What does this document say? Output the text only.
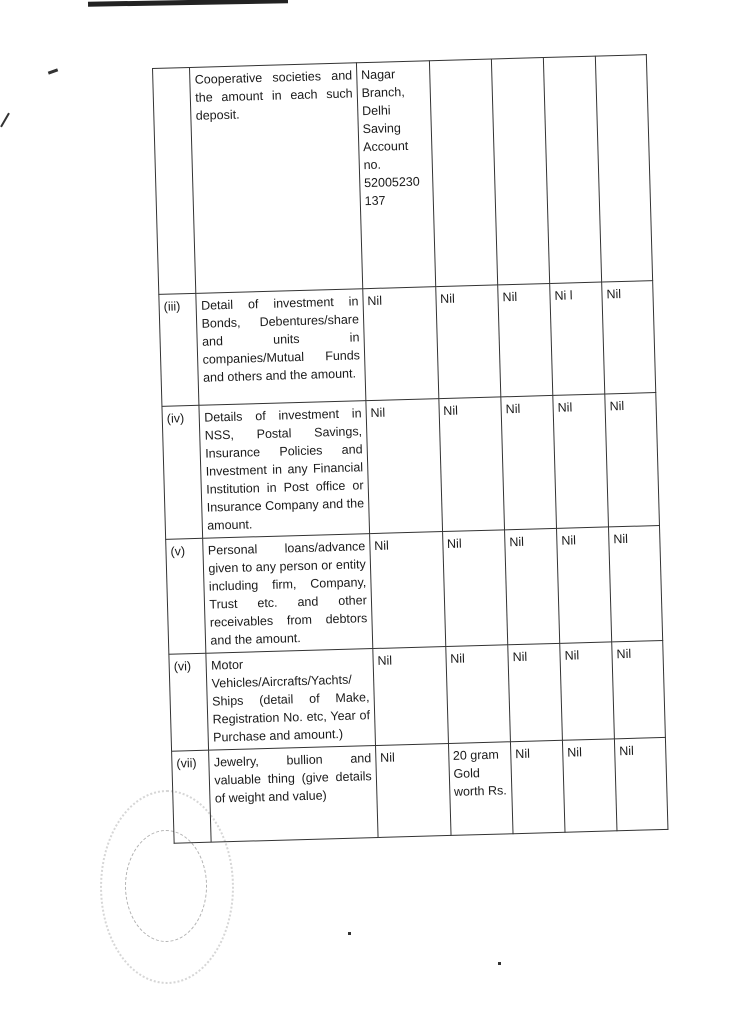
	Cooperative societies and the amount in each such deposit.	Nagar Branch, Delhi Saving Account no. 52005230 137				
(iii)	Detail of investment in Bonds, Debentures/share and units in companies/Mutual Funds and others and the amount.	Nil	Nil	Nil	Ni l	Nil
(iv)	Details of investment in NSS, Postal Savings, Insurance Policies and Investment in any Financial Institution in Post office or Insurance Company and the amount.	Nil	Nil	Nil	Nil	Nil
(v)	Personal loans/advance given to any person or entity including firm, Company, Trust etc. and other receivables from debtors and the amount.	Nil	Nil	Nil	Nil	Nil
(vi)	Motor Vehicles/Aircrafts/Yachts/ Ships (detail of Make, Registration No. etc, Year of Purchase and amount.)	Nil	Nil	Nil	Nil	Nil
(vii)	Jewelry, bullion and valuable thing (give details of weight and value)	Nil	20 gram Gold worth Rs.	Nil	Nil	Nil
